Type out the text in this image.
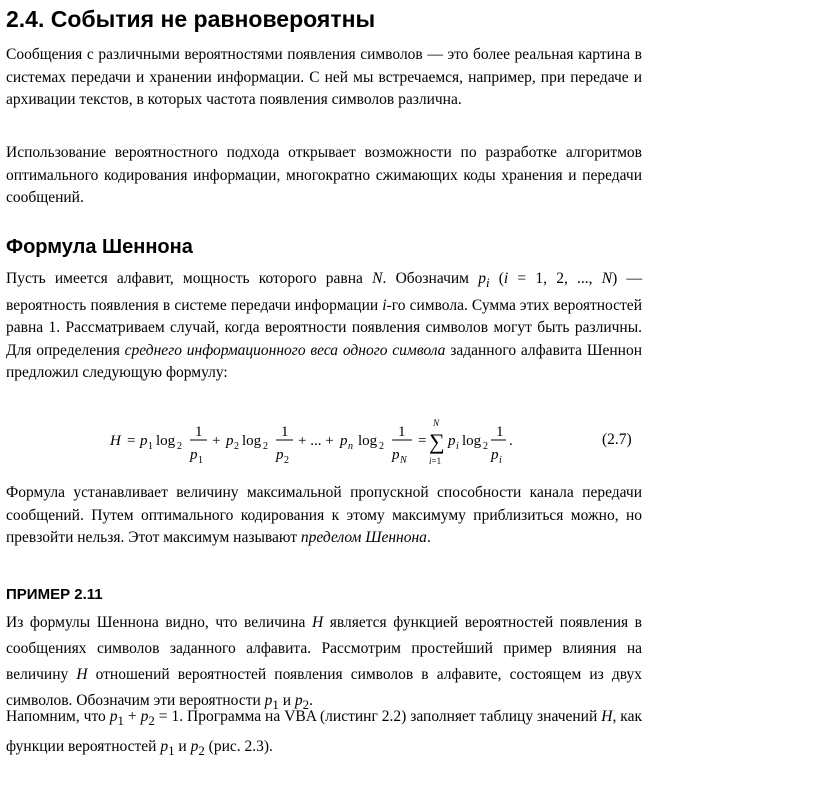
2.4. События не равновероятны

Сообщения с различными вероятностями появления символов — это более реальная картина в системах передачи и хранении информации. С ней мы встречаемся, например, при передаче и архивации текстов, в которых частота появления символов различна.

Использование вероятностного подхода открывает возможности по разработке алгоритмов оптимального кодирования информации, многократно сжимающих коды хранения и передачи сообщений.

Формула Шеннона

Пусть имеется алфавит, мощность которого равна N. Обозначим $p_i$ (i = 1, 2, ..., N) — вероятность появления в системе передачи информации i-го символа. Сумма этих вероятностей равна 1. Рассматриваем случай, когда вероятности появления символов могут быть различны. Для определения среднего информационного веса одного символа заданного алфавита Шеннон предложил следующую формулу:

H = p 1 log 2
1
p 1
+ p 2 log 2
1
p 2
+ ... + p n log 2
1
p N
=
N
∑
i=1
p i log 2
1
p i
.	(2.7)

Формула устанавливает величину максимальной пропускной способности канала передачи сообщений. Путем оптимального кодирования к этому максимуму приблизиться можно, но превзойти нельзя. Этот максимум называют пределом Шеннона.

ПРИМЕР 2.11

Из формулы Шеннона видно, что величина H является функцией вероятностей появления в сообщениях символов заданного алфавита. Рассмотрим простейший пример влияния на величину H отношений вероятностей появления символов в алфавите, состоящем из двух символов. Обозначим эти вероятности $p_1$ и $p_2$.

Напомним, что $p_1 + p_2 = 1$. Программа на VBA (листинг 2.2) заполняет таблицу значений H, как функции вероятностей $p_1$ и $p_2$ (рис. 2.3).
